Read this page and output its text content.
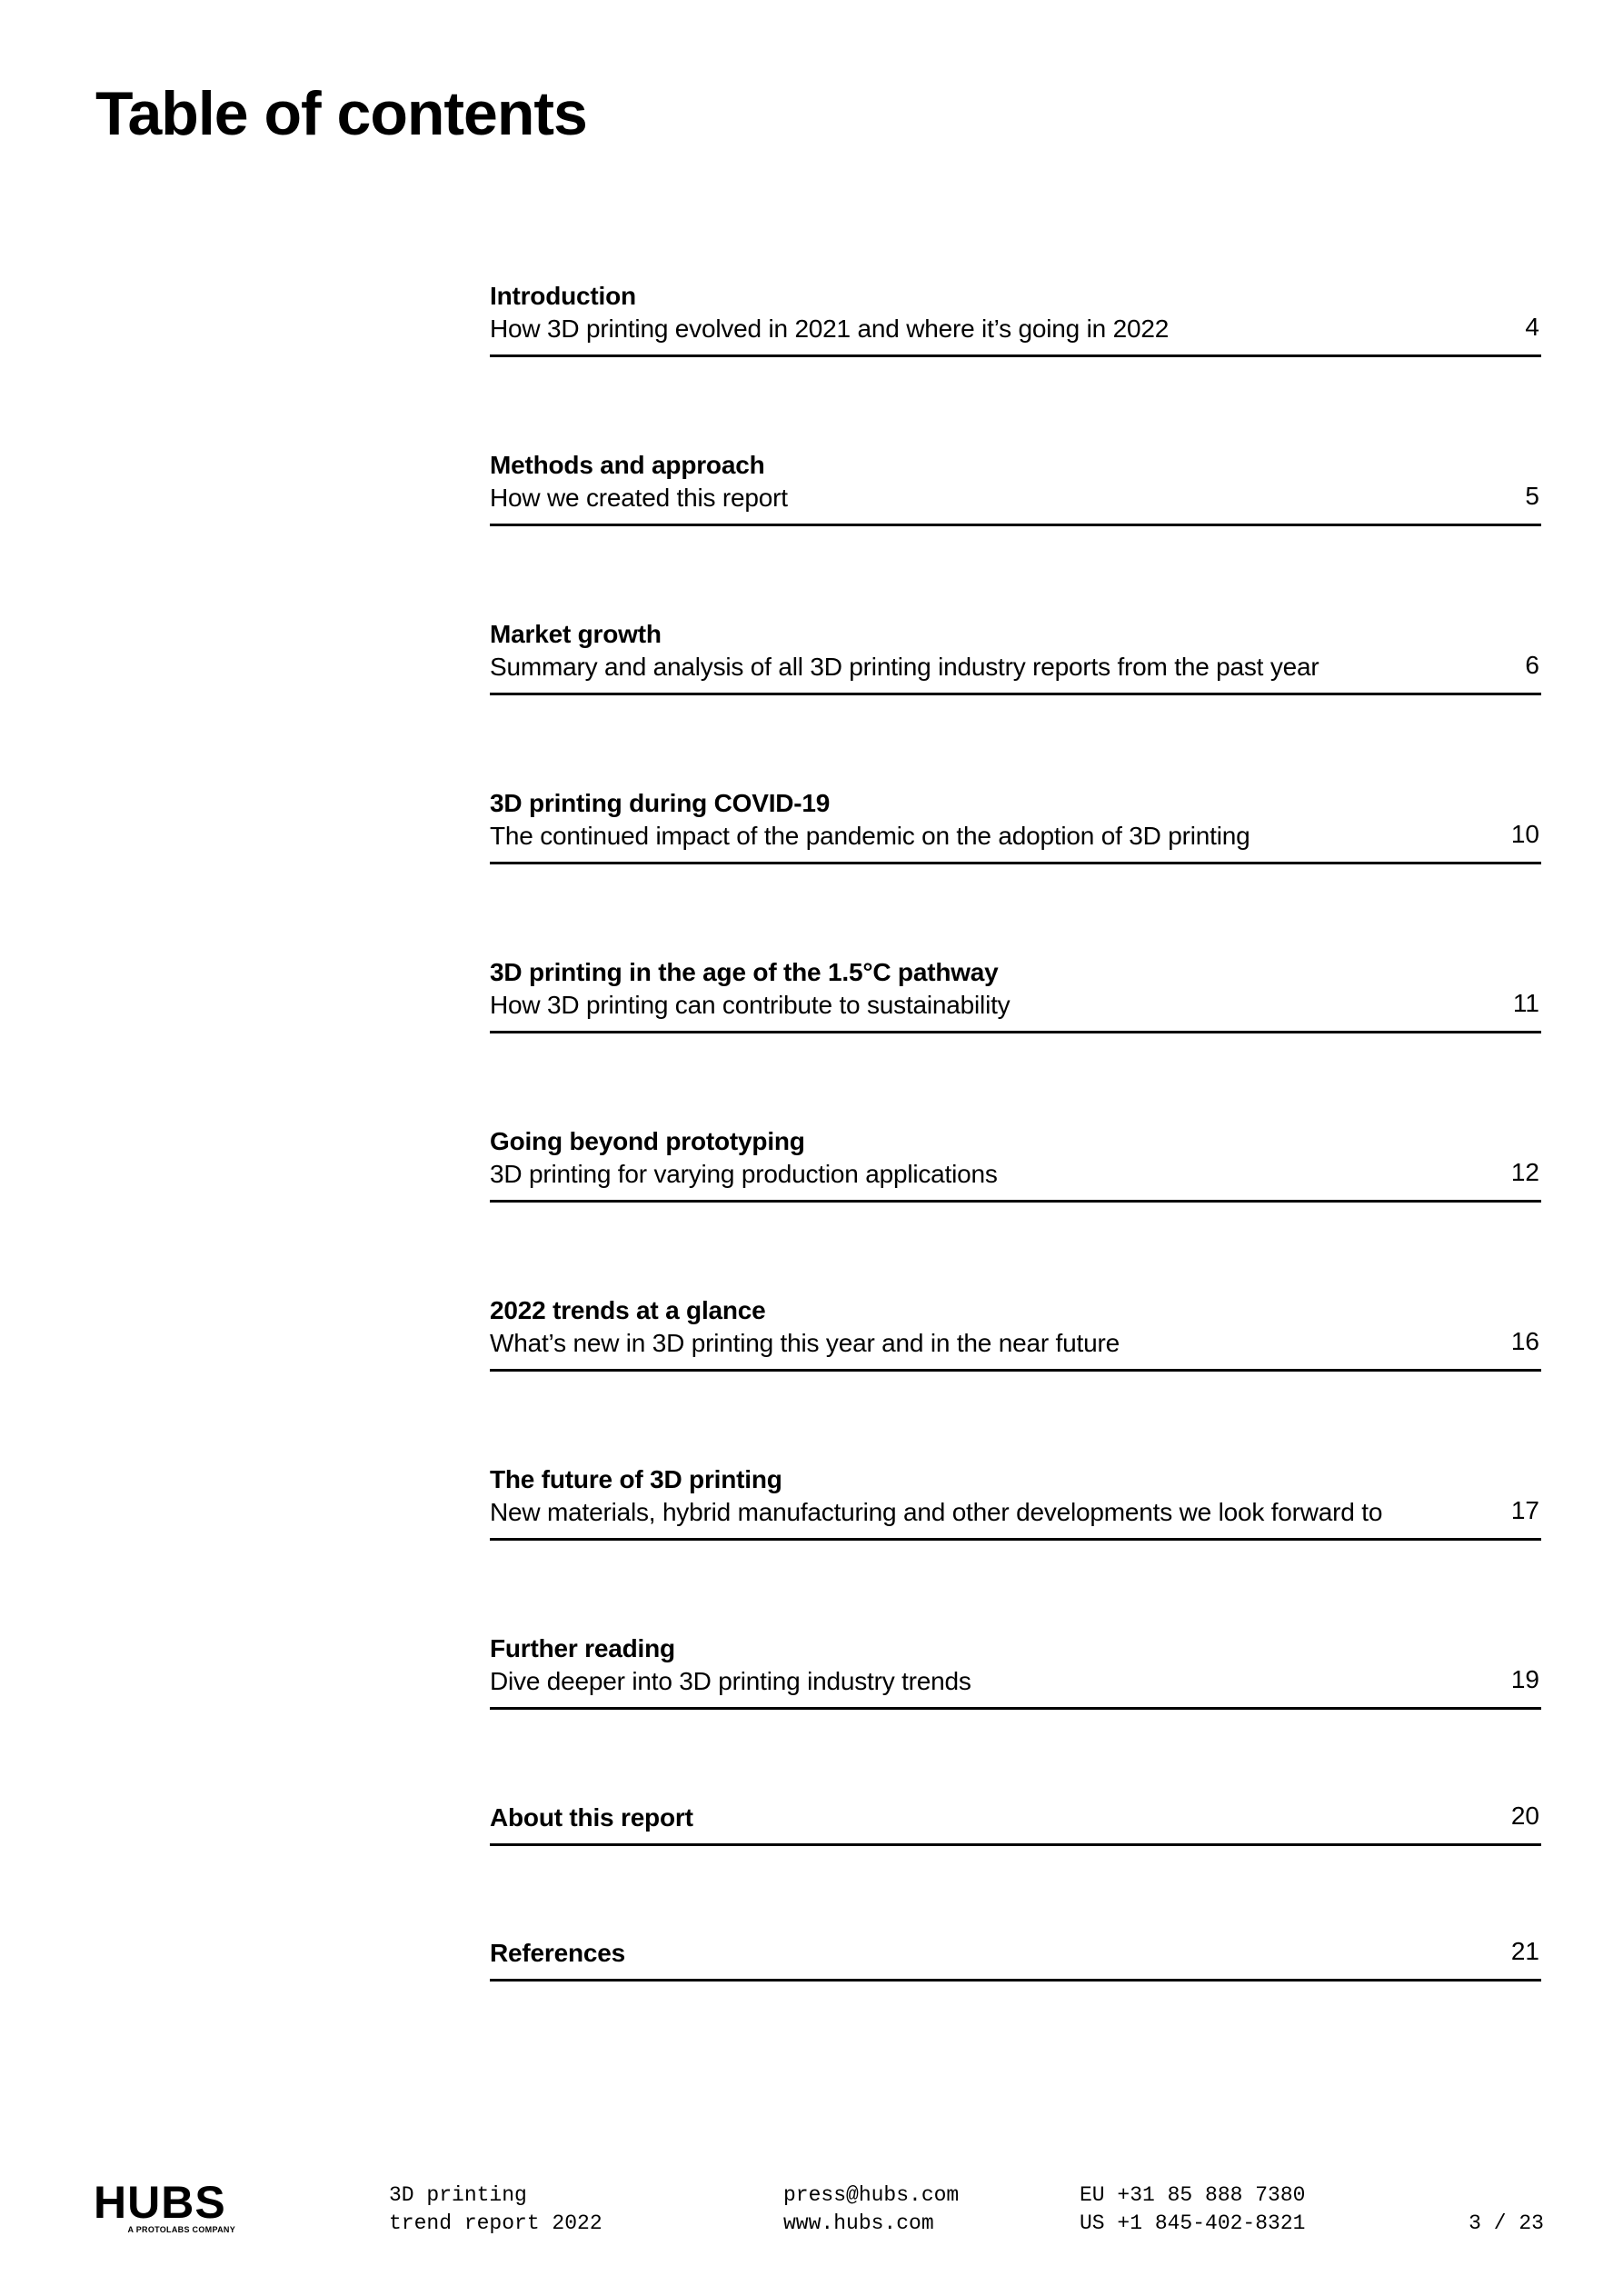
Table of contents
Introduction
How 3D printing evolved in 2021 and where it’s going in 2022	4
Methods and approach
How we created this report	5
Market growth
Summary and analysis of all 3D printing industry reports from the past year	6
3D printing during COVID-19
The continued impact of the pandemic on the adoption of 3D printing	10
3D printing in the age of the 1.5°C pathway
How 3D printing can contribute to sustainability	11
Going beyond prototyping
3D printing for varying production applications	12
2022 trends at a glance
What’s new in 3D printing this year and in the near future	16
The future of 3D printing
New materials, hybrid manufacturing and other developments we look forward to	17
Further reading
Dive deeper into 3D printing industry trends	19
About this report	20
References	21
HUBS
A PROTOLABS COMPANY
3D printing
trend report 2022
press@hubs.com
www.hubs.com
EU +31 85 888 7380
US +1 845-402-8321	3 / 23
